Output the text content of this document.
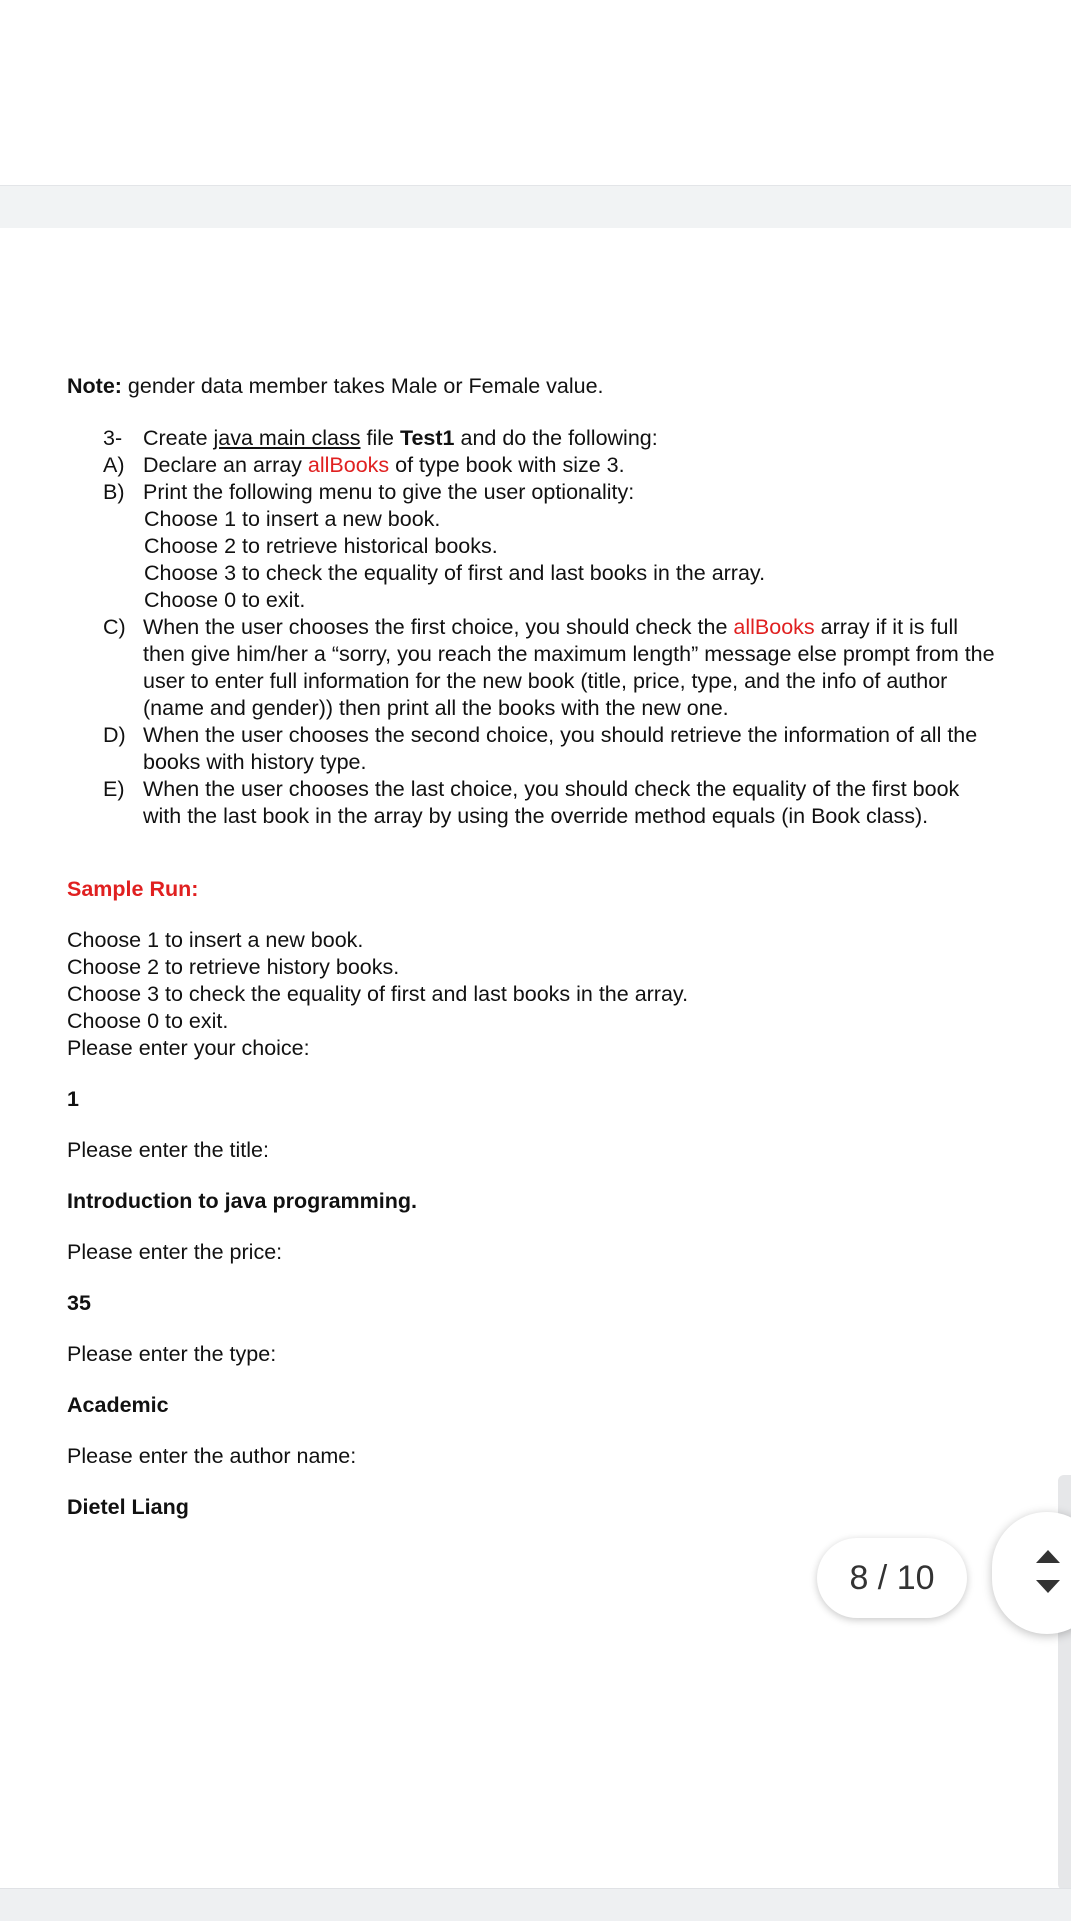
Note: gender data member takes Male or Female value.
3- Create java main class file Test1 and do the following:
A) Declare an array allBooks of type book with size 3.
B) Print the following menu to give the user optionality:
Choose 1 to insert a new book.
Choose 2 to retrieve historical books.
Choose 3 to check the equality of first and last books in the array.
Choose 0 to exit.
C) When the user chooses the first choice, you should check the allBooks array if it is full
then give him/her a “sorry, you reach the maximum length” message else prompt from the
user to enter full information for the new book (title, price, type, and the info of author
(name and gender)) then print all the books with the new one.
D) When the user chooses the second choice, you should retrieve the information of all the
books with history type.
E) When the user chooses the last choice, you should check the equality of the first book
with the last book in the array by using the override method equals (in Book class).
Sample Run:
Choose 1 to insert a new book.
Choose 2 to retrieve history books.
Choose 3 to check the equality of first and last books in the array.
Choose 0 to exit.
Please enter your choice:
1
Please enter the title:
Introduction to java programming.
Please enter the price:
35
Please enter the type:
Academic
Please enter the author name:
Dietel Liang
8 / 10
